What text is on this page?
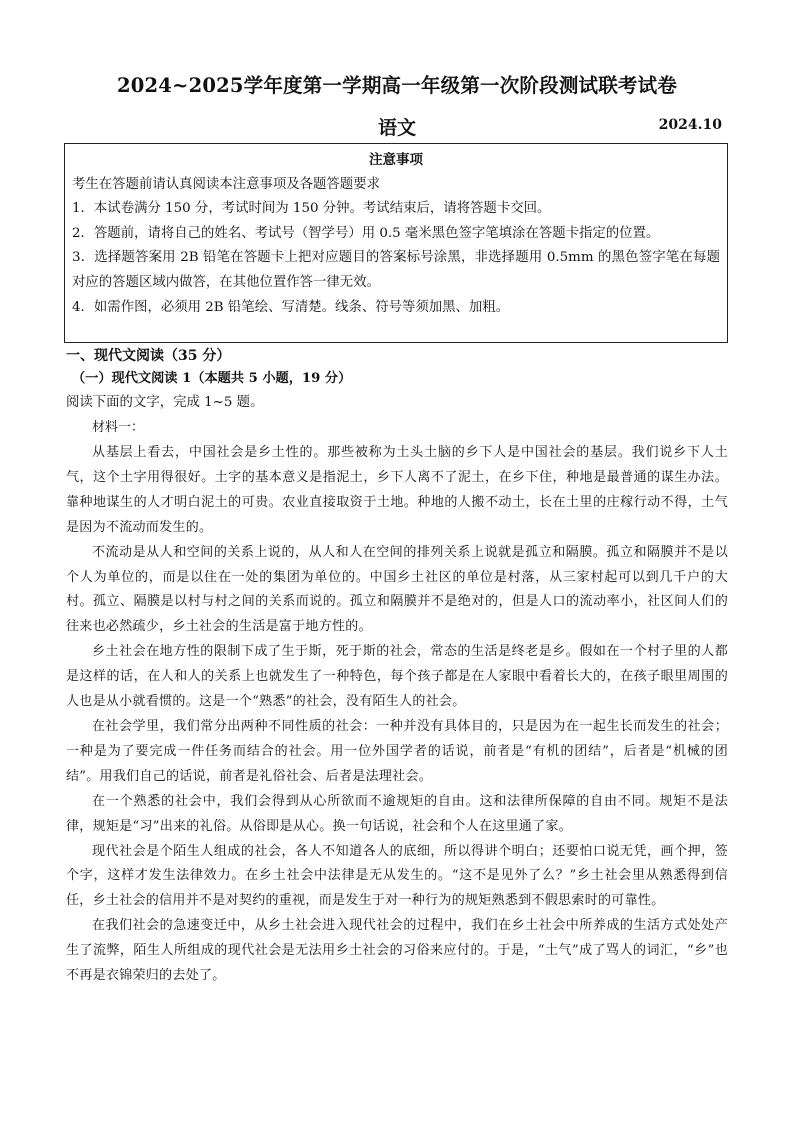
2024~2025学年度第一学期高一年级第一次阶段测试联考试卷
语文	2024.10
注意事项

考生在答题前请认真阅读本注意事项及各题答题要求

1．本试卷满分 150 分，考试时间为 150 分钟。考试结束后，请将答题卡交回。

2．答题前，请将自己的姓名、考试号（智学号）用 0.5 毫米黑色签字笔填涂在答题卡指定的位置。

3．选择题答案用 2B 铅笔在答题卡上把对应题目的答案标号涂黑，非选择题用 0.5mm 的黑色签字笔在每题对应的答题区域内做答，在其他位置作答一律无效。

4．如需作图，必须用 2B 铅笔绘、写清楚。线条、符号等须加黑、加粗。

一、现代文阅读（35 分）

（一）现代文阅读 1（本题共 5 小题，19 分）

阅读下面的文字，完成 1~5 题。

材料一：

从基层上看去，中国社会是乡土性的。那些被称为土头土脑的乡下人是中国社会的基层。我们说乡下人土气，这个土字用得很好。土字的基本意义是指泥土，乡下人离不了泥土，在乡下住，种地是最普通的谋生办法。靠种地谋生的人才明白泥土的可贵。农业直接取资于土地。种地的人搬不动土，长在土里的庄稼行动不得，土气是因为不流动而发生的。

不流动是从人和空间的关系上说的，从人和人在空间的排列关系上说就是孤立和隔膜。孤立和隔膜并不是以个人为单位的，而是以住在一处的集团为单位的。中国乡土社区的单位是村落，从三家村起可以到几千户的大村。孤立、隔膜是以村与村之间的关系而说的。孤立和隔膜并不是绝对的，但是人口的流动率小，社区间人们的往来也必然疏少，乡土社会的生活是富于地方性的。

乡土社会在地方性的限制下成了生于斯，死于斯的社会，常态的生活是终老是乡。假如在一个村子里的人都是这样的话，在人和人的关系上也就发生了一种特色，每个孩子都是在人家眼中看着长大的，在孩子眼里周围的人也是从小就看惯的。这是一个“熟悉”的社会，没有陌生人的社会。

在社会学里，我们常分出两种不同性质的社会：一种并没有具体目的，只是因为在一起生长而发生的社会；一种是为了要完成一件任务而结合的社会。用一位外国学者的话说，前者是“有机的团结”，后者是“机械的团结”。用我们自己的话说，前者是礼俗社会、后者是法理社会。

在一个熟悉的社会中，我们会得到从心所欲而不逾规矩的自由。这和法律所保障的自由不同。规矩不是法律，规矩是“习”出来的礼俗。从俗即是从心。换一句话说，社会和个人在这里通了家。

现代社会是个陌生人组成的社会，各人不知道各人的底细，所以得讲个明白；还要怕口说无凭，画个押，签个字，这样才发生法律效力。在乡土社会中法律是无从发生的。“这不是见外了么？”乡土社会里从熟悉得到信任，乡土社会的信用并不是对契约的重视，而是发生于对一种行为的规矩熟悉到不假思索时的可靠性。

在我们社会的急速变迁中，从乡土社会进入现代社会的过程中，我们在乡土社会中所养成的生活方式处处产生了流弊，陌生人所组成的现代社会是无法用乡土社会的习俗来应付的。于是，“土气”成了骂人的词汇，“乡”也不再是衣锦荣归的去处了。
